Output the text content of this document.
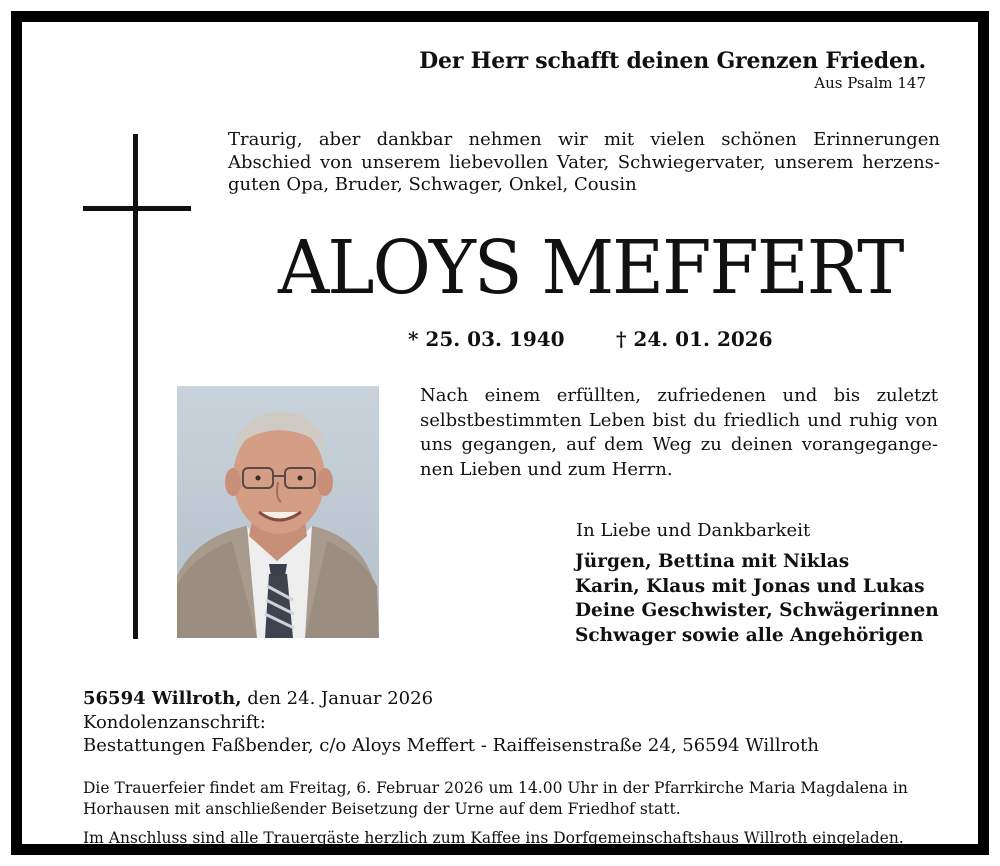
Der Herr schafft deinen Grenzen Frieden.
Aus Psalm 147
Traurig, aber dankbar nehmen wir mit vielen schönen Erinnerungen
Abschied von unserem liebevollen Vater, Schwiegervater, unserem herzens-
guten Opa, Bruder, Schwager, Onkel, Cousin
ALOYS MEFFERT
* 25. 03. 1940	† 24. 01. 2026
Nach einem erfüllten, zufriedenen und bis zuletzt
selbstbestimmten Leben bist du friedlich und ruhig von
uns gegangen, auf dem Weg zu deinen vorangegange-
nen Lieben und zum Herrn.
In Liebe und Dankbarkeit
Jürgen, Bettina mit Niklas
Karin, Klaus mit Jonas und Lukas
Deine Geschwister, Schwägerinnen
Schwager sowie alle Angehörigen
56594 Willroth, den 24. Januar 2026
Kondolenzanschrift:
Bestattungen Faßbender, c/o Aloys Meffert - Raiffeisenstraße 24, 56594 Willroth
Die Trauerfeier findet am Freitag, 6. Februar 2026 um 14.00 Uhr in der Pfarrkirche Maria Magdalena in
Horhausen mit anschließender Beisetzung der Urne auf dem Friedhof statt.
Im Anschluss sind alle Trauergäste herzlich zum Kaffee ins Dorfgemeinschaftshaus Willroth eingeladen.
